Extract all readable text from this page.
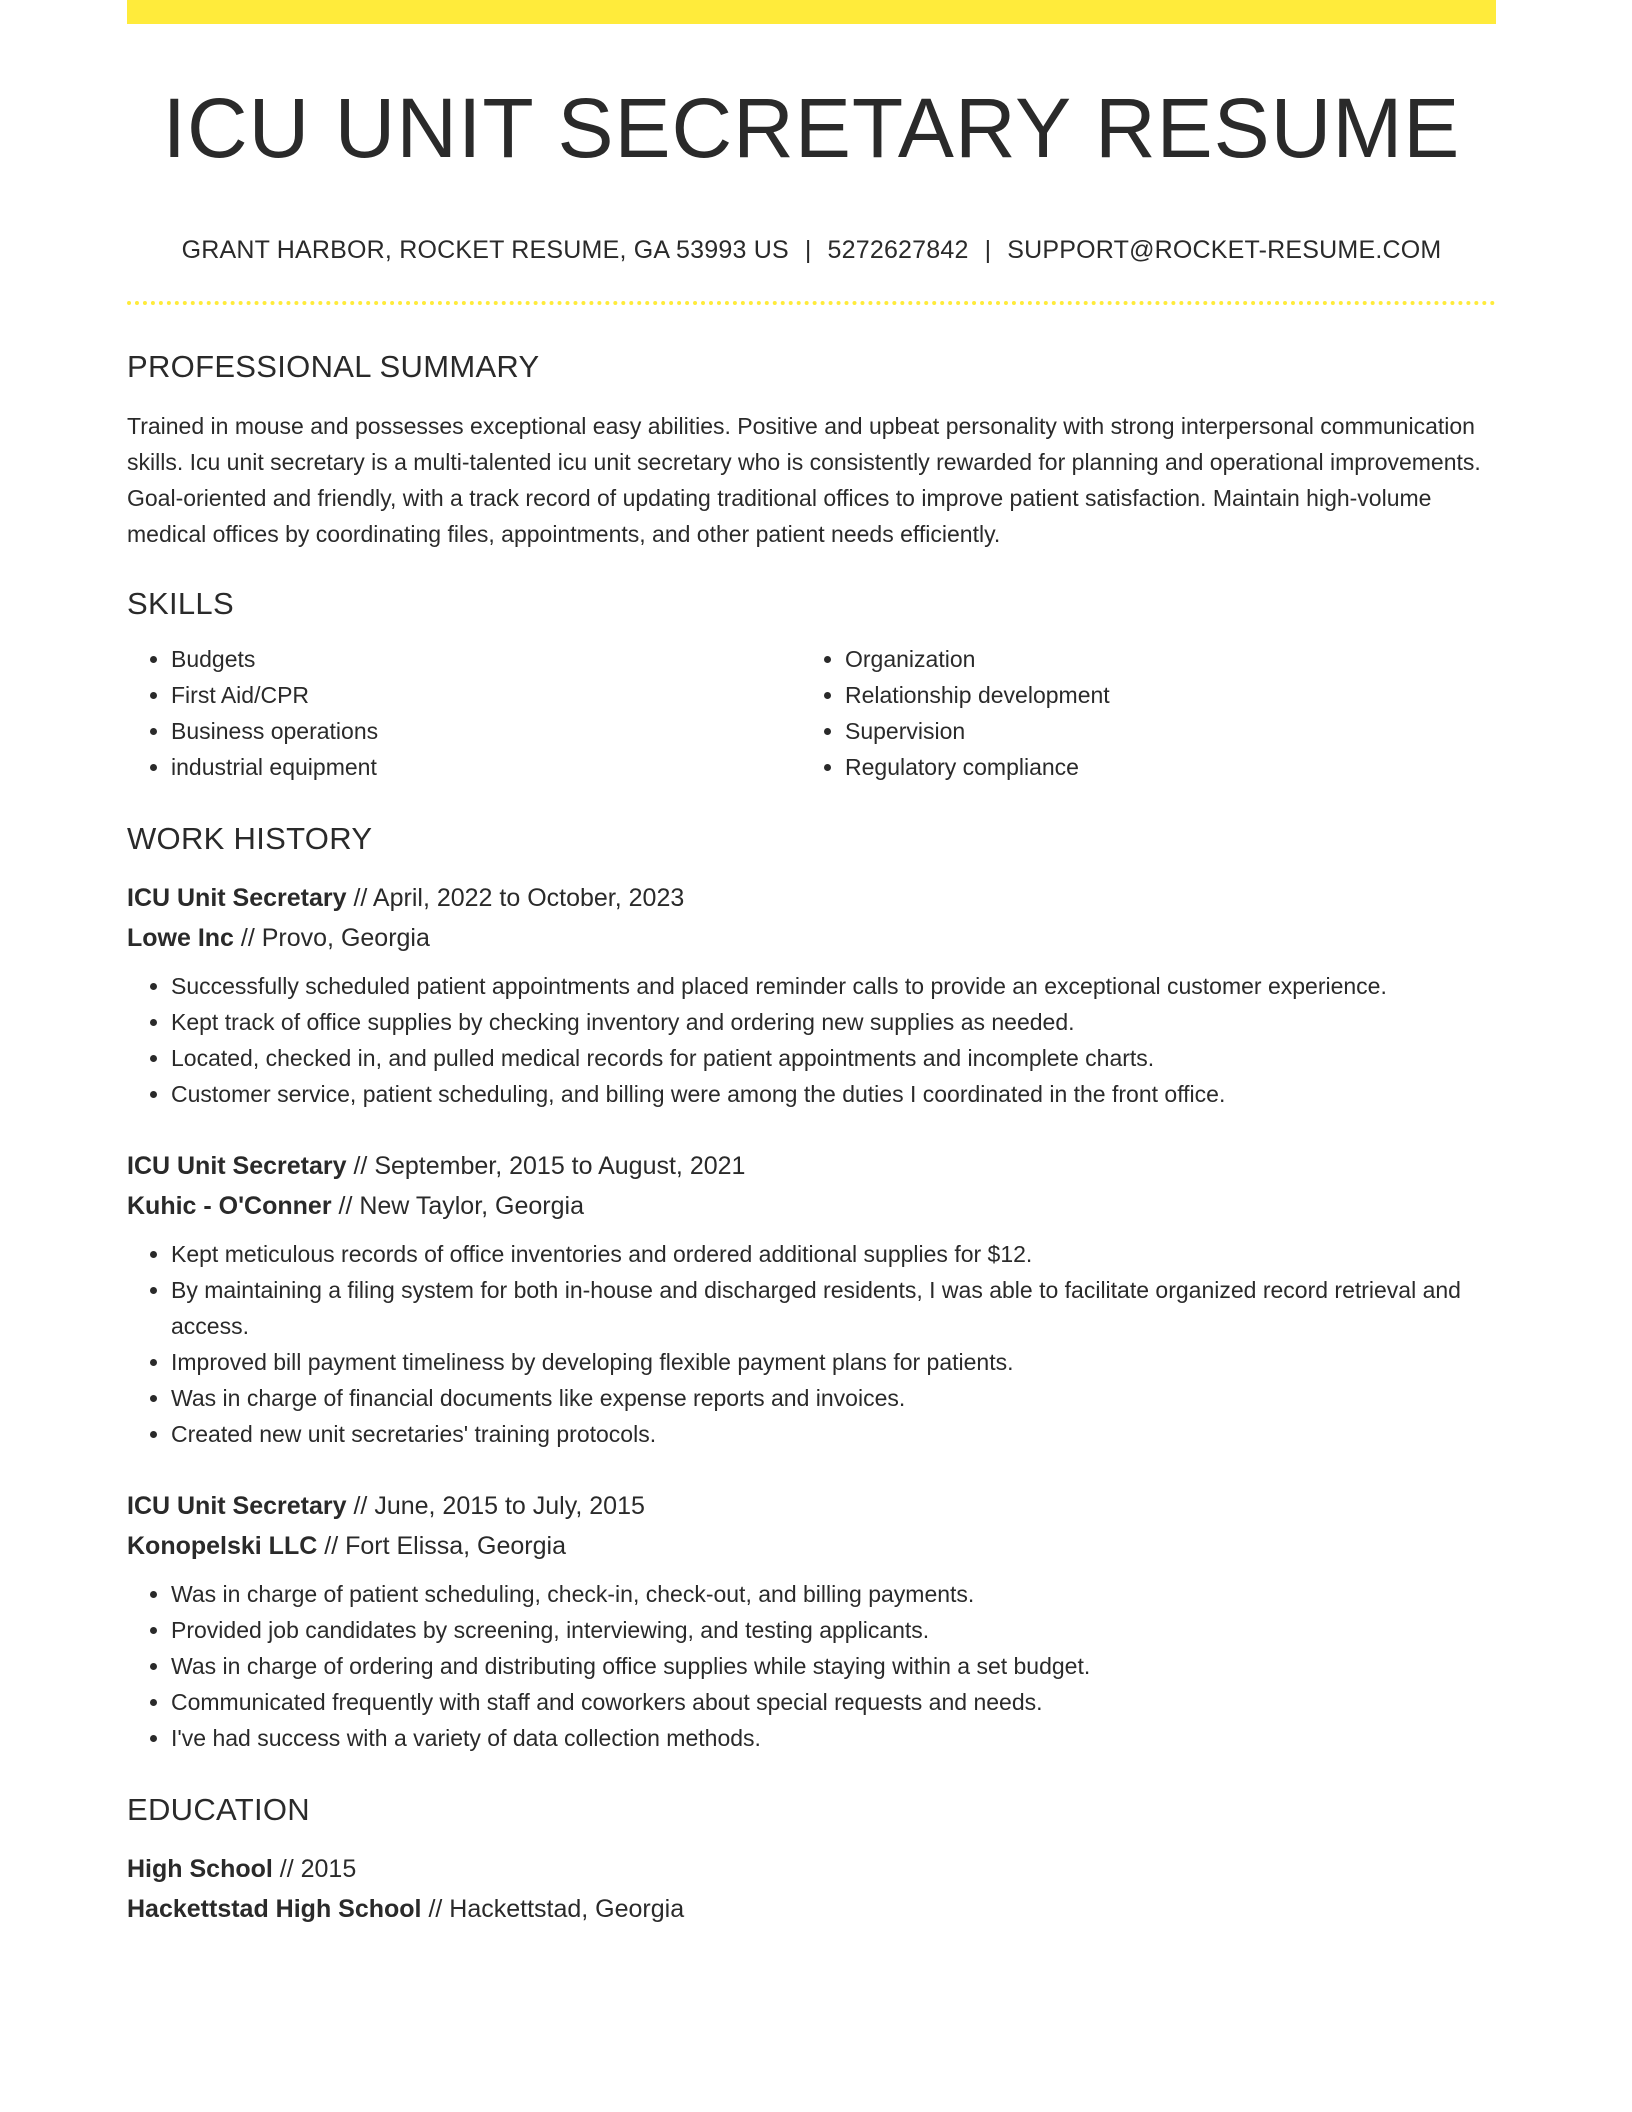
ICU UNIT SECRETARY RESUME
GRANT HARBOR, ROCKET RESUME, GA 53993 US | 5272627842 | SUPPORT@ROCKET-RESUME.COM
PROFESSIONAL SUMMARY

Trained in mouse and possesses exceptional easy abilities. Positive and upbeat personality with strong interpersonal communication skills. Icu unit secretary is a multi-talented icu unit secretary who is consistently rewarded for planning and operational improvements. Goal-oriented and friendly, with a track record of updating traditional offices to improve patient satisfaction. Maintain high-volume medical offices by coordinating files, appointments, and other patient needs efficiently.

SKILLS
• Budgets
• First Aid/CPR
• Business operations
• industrial equipment
• Organization
• Relationship development
• Supervision
• Regulatory compliance
WORK HISTORY
ICU Unit Secretary // April, 2022 to October, 2023
Lowe Inc // Provo, Georgia
• Successfully scheduled patient appointments and placed reminder calls to provide an exceptional customer experience.
• Kept track of office supplies by checking inventory and ordering new supplies as needed.
• Located, checked in, and pulled medical records for patient appointments and incomplete charts.
• Customer service, patient scheduling, and billing were among the duties I coordinated in the front office.
ICU Unit Secretary // September, 2015 to August, 2021
Kuhic - O'Conner // New Taylor, Georgia
• Kept meticulous records of office inventories and ordered additional supplies for $12.
• By maintaining a filing system for both in-house and discharged residents, I was able to facilitate organized record retrieval and access.
• Improved bill payment timeliness by developing flexible payment plans for patients.
• Was in charge of financial documents like expense reports and invoices.
• Created new unit secretaries' training protocols.
ICU Unit Secretary // June, 2015 to July, 2015
Konopelski LLC // Fort Elissa, Georgia
• Was in charge of patient scheduling, check-in, check-out, and billing payments.
• Provided job candidates by screening, interviewing, and testing applicants.
• Was in charge of ordering and distributing office supplies while staying within a set budget.
• Communicated frequently with staff and coworkers about special requests and needs.
• I've had success with a variety of data collection methods.
EDUCATION
High School // 2015
Hackettstad High School // Hackettstad, Georgia
